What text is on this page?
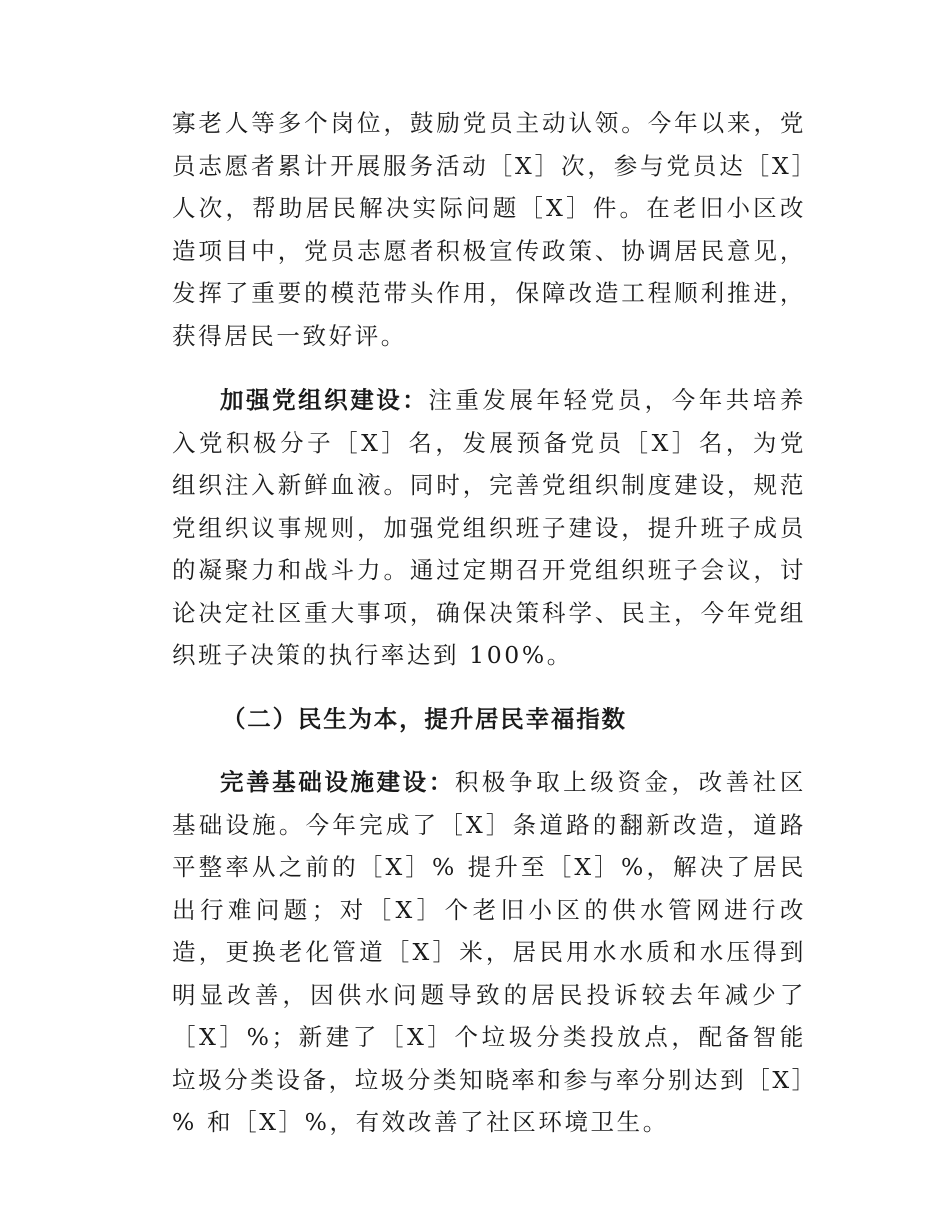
寡老人等多个岗位，鼓励党员主动认领。今年以来，党员志愿者累计开展服务活动［X］次，参与党员达［X］人次，帮助居民解决实际问题［X］件。在老旧小区改造项目中，党员志愿者积极宣传政策、协调居民意见，发挥了重要的模范带头作用，保障改造工程顺利推进，获得居民一致好评。

加强党组织建设：注重发展年轻党员，今年共培养入党积极分子［X］名，发展预备党员［X］名，为党组织注入新鲜血液。同时，完善党组织制度建设，规范党组织议事规则，加强党组织班子建设，提升班子成员的凝聚力和战斗力。通过定期召开党组织班子会议，讨论决定社区重大事项，确保决策科学、民主，今年党组织班子决策的执行率达到 100%。

（二）民生为本，提升居民幸福指数

完善基础设施建设：积极争取上级资金，改善社区基础设施。今年完成了［X］条道路的翻新改造，道路平整率从之前的［X］% 提升至［X］%，解决了居民出行难问题；对［X］个老旧小区的供水管网进行改造，更换老化管道［X］米，居民用水水质和水压得到明显改善，因供水问题导致的居民投诉较去年减少了［X］%；新建了［X］个垃圾分类投放点，配备智能垃圾分类设备，垃圾分类知晓率和参与率分别达到［X］% 和［X］%，有效改善了社区环境卫生。
